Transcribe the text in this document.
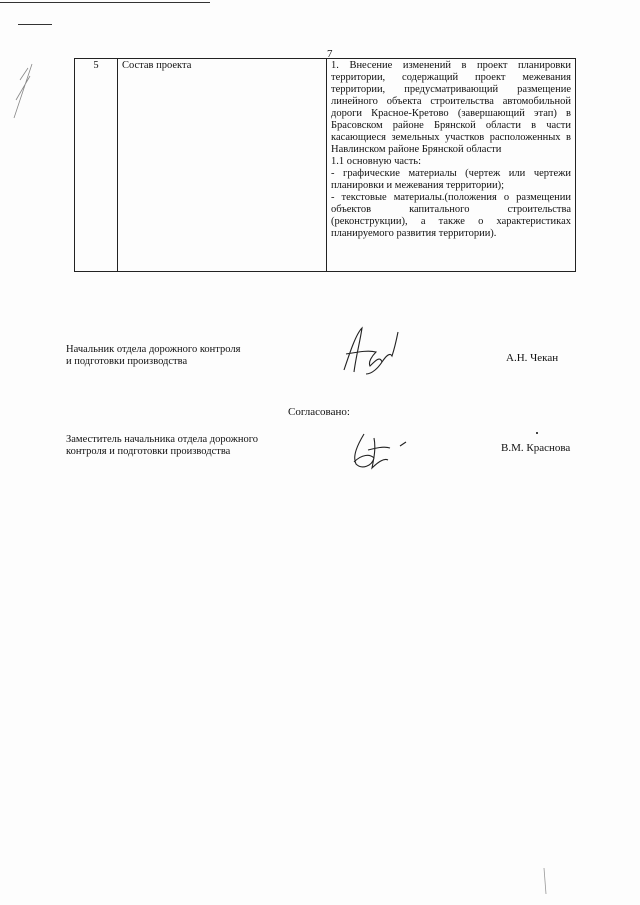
7
5	Состав проекта	1. Внесение изменений в проект планировки территории, содержащий проект межевания территории, предусматривающий размещение линейного объекта строительства автомобильной дороги Красное-Кретово (завершающий этап) в Брасовском районе Брянской области в части касающиеся земельных участков расположенных в Навлинском районе Брянской области

1.1 основную часть:

- графические материалы (чертеж или чертежи планировки и межевания территории);

- текстовые материалы.(положения о размещении объектов капитального строительства (реконструкции), а также о характеристиках планируемого развития территории).

Начальник отдела дорожного контроля
и подготовки производства	А.Н. Чекан
Согласовано:
Заместитель начальника отдела дорожного
контроля и подготовки производства	В.М. Краснова
